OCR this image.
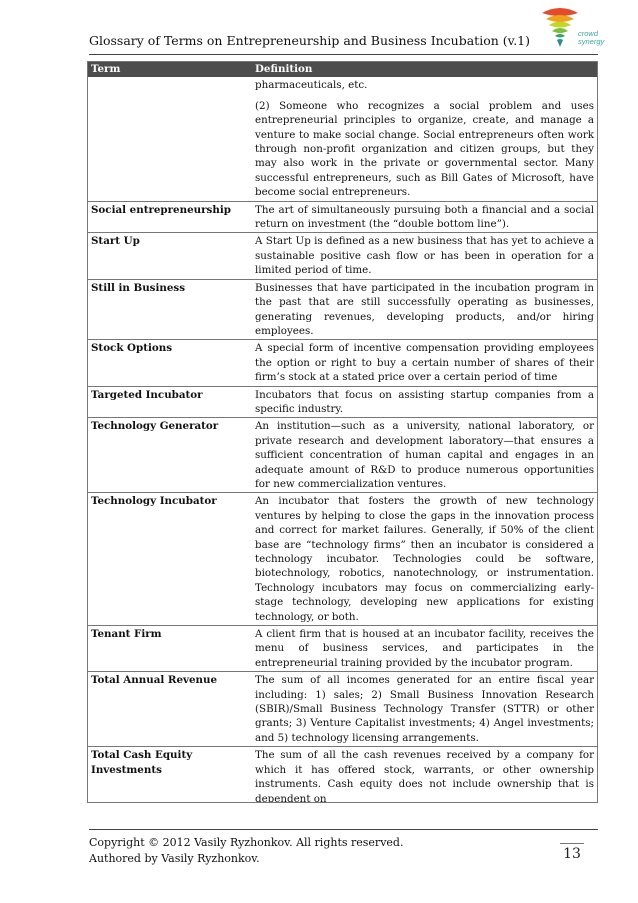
Glossary of Terms on Entrepreneurship and Business Incubation (v.1)	crowd
synergy
Term	Definition

	pharmaceuticals, etc.
(2) Someone who recognizes a social problem and uses entrepreneurial principles to organize, create, and manage a venture to make social change. Social entrepreneurs often work through non-profit organization and citizen groups, but they may also work in the private or governmental sector. Many successful entrepreneurs, such as Bill Gates of Microsoft, have become social entrepreneurs.

Social entrepreneurship	The art of simultaneously pursuing both a financial and a social return on investment (the “double bottom line”).

Start Up	A Start Up is defined as a new business that has yet to achieve a sustainable positive cash flow or has been in operation for a limited period of time.

Still in Business	Businesses that have participated in the incubation program in the past that are still successfully operating as businesses, generating revenues, developing products, and/or hiring employees.

Stock Options	A special form of incentive compensation providing employees the option or right to buy a certain number of shares of their firm’s stock at a stated price over a certain period of time

Targeted Incubator	Incubators that focus on assisting startup companies from a specific industry.

Technology Generator	An institution—such as a university, national laboratory, or private research and development laboratory—that ensures a sufficient concentration of human capital and engages in an adequate amount of R&D to produce numerous opportunities for new commercialization ventures.

Technology Incubator	An incubator that fosters the growth of new technology ventures by helping to close the gaps in the innovation process and correct for market failures. Generally, if 50% of the client base are “technology firms” then an incubator is considered a technology incubator. Technologies could be software, biotechnology, robotics, nanotechnology, or instrumentation. Technology incubators may focus on commercializing early-stage technology, developing new applications for existing technology, or both.

Tenant Firm	A client firm that is housed at an incubator facility, receives the menu of business services, and participates in the entrepreneurial training provided by the incubator program.

Total Annual Revenue	The sum of all incomes generated for an entire fiscal year including: 1) sales; 2) Small Business Innovation Research (SBIR)/Small Business Technology Transfer (STTR) or other grants; 3) Venture Capitalist investments; 4) Angel investments; and 5) technology licensing arrangements.

Total Cash Equity Investments	The sum of all the cash revenues received by a company for which it has offered stock, warrants, or other ownership instruments. Cash equity does not include ownership that is dependent on
Copyright © 2012 Vasily Ryzhonkov. All rights reserved.
Authored by Vasily Ryzhonkov.	13
